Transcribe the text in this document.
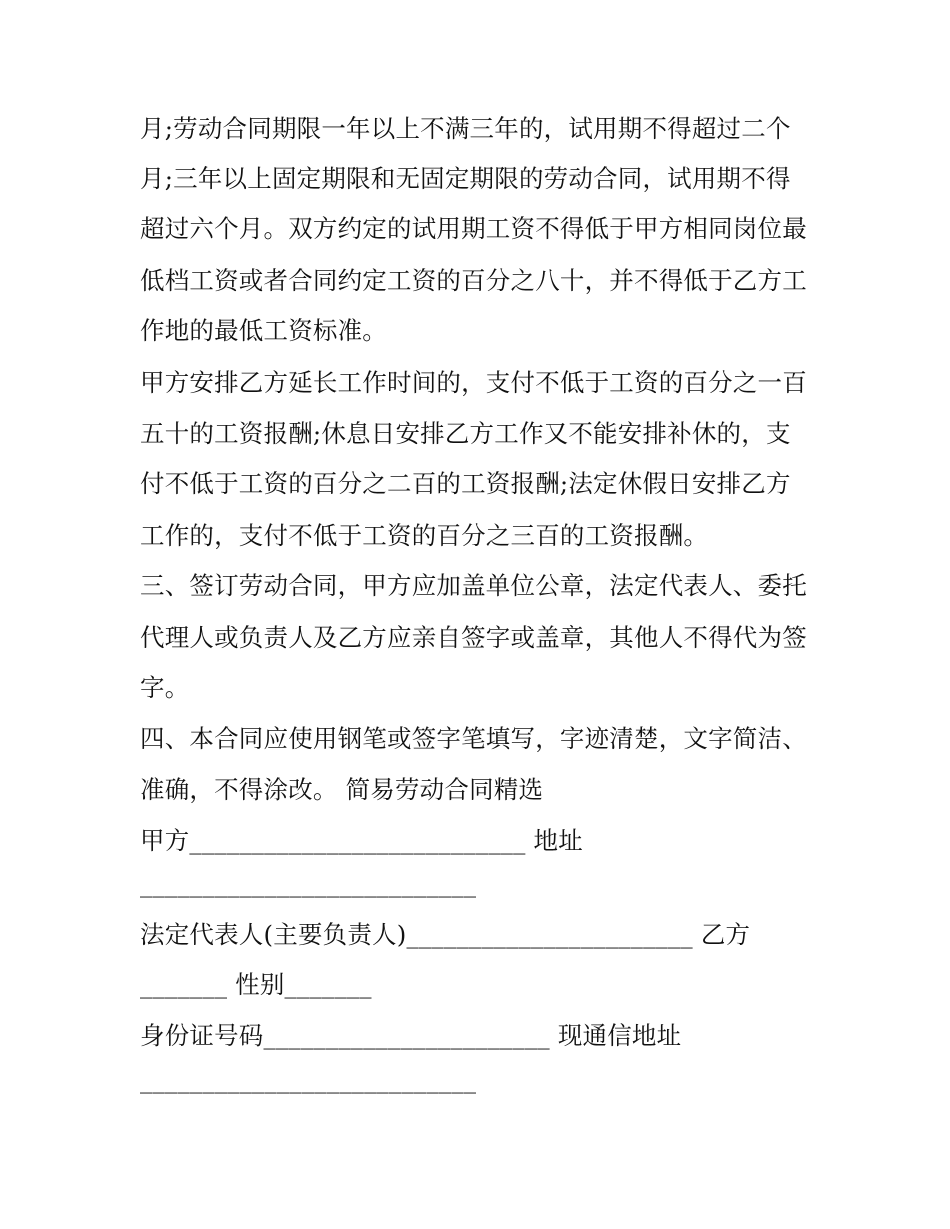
月;劳动合同期限一年以上不满三年的，试用期不得超过二个
月;三年以上固定期限和无固定期限的劳动合同，试用期不得
超过六个月。双方约定的试用期工资不得低于甲方相同岗位最
低档工资或者合同约定工资的百分之八十，并不得低于乙方工
作地的最低工资标准。
甲方安排乙方延长工作时间的，支付不低于工资的百分之一百
五十的工资报酬;休息日安排乙方工作又不能安排补休的，支
付不低于工资的百分之二百的工资报酬;法定休假日安排乙方
工作的，支付不低于工资的百分之三百的工资报酬。
三、签订劳动合同，甲方应加盖单位公章，法定代表人、委托
代理人或负责人及乙方应亲自签字或盖章，其他人不得代为签
字。
四、本合同应使用钢笔或签字笔填写，字迹清楚，文字简洁、
准确，不得涂改。 简易劳动合同精选
甲方___________________________ 地址
___________________________
法定代表人(主要负责人)_______________________ 乙方
_______ 性别_______
身份证号码_______________________ 现通信地址
___________________________
